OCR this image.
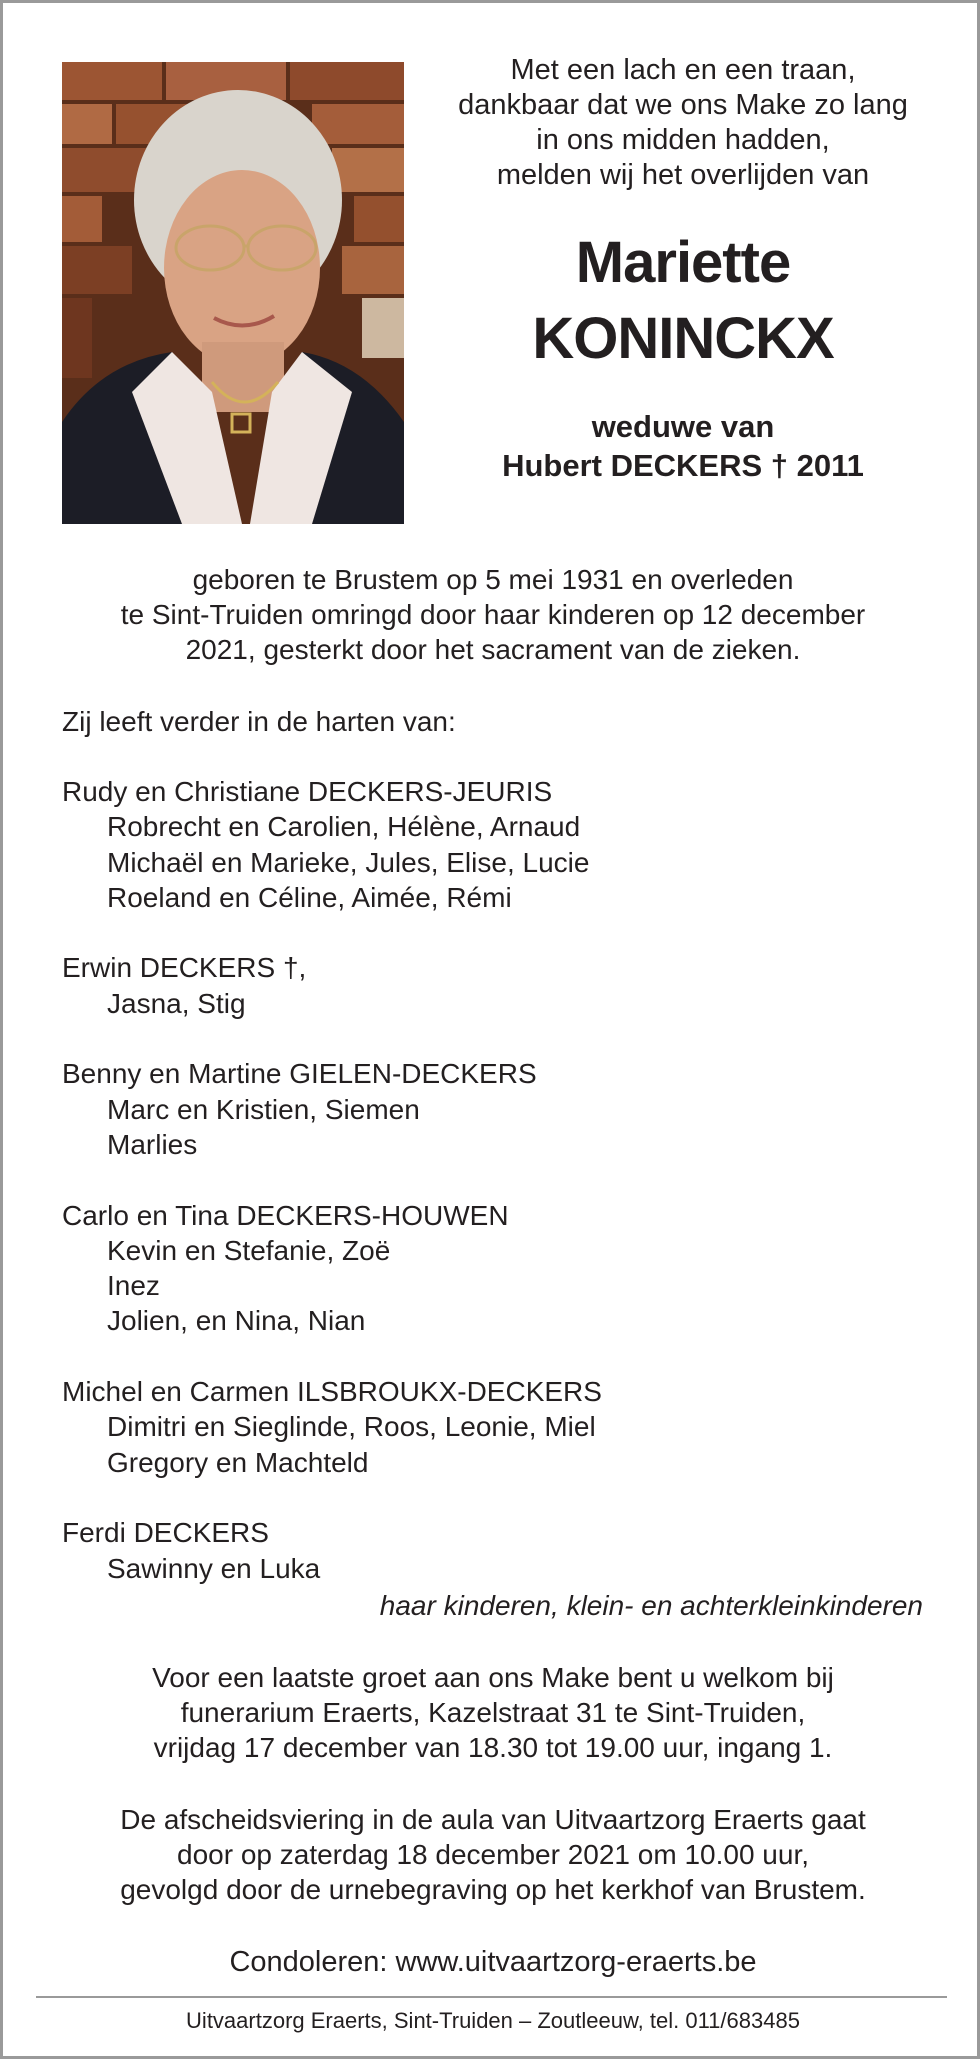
Met een lach en een traan,
dankbaar dat we ons Make zo lang
in ons midden hadden,
melden wij het overlijden van
Mariette
KONINCKX
weduwe van
Hubert DECKERS † 2011
geboren te Brustem op 5 mei 1931 en overleden
te Sint-Truiden omringd door haar kinderen op 12 december
2021, gesterkt door het sacrament van de zieken.
Zij leeft verder in de harten van:
Rudy en Christiane DECKERS-JEURIS
Robrecht en Carolien, Hélène, Arnaud
Michaël en Marieke, Jules, Elise, Lucie
Roeland en Céline, Aimée, Rémi
Erwin DECKERS †,
Jasna, Stig
Benny en Martine GIELEN-DECKERS
Marc en Kristien, Siemen
Marlies
Carlo en Tina DECKERS-HOUWEN
Kevin en Stefanie, Zoë
Inez
Jolien, en Nina, Nian
Michel en Carmen ILSBROUKX-DECKERS
Dimitri en Sieglinde, Roos, Leonie, Miel
Gregory en Machteld
Ferdi DECKERS
Sawinny en Luka
haar kinderen, klein- en achterkleinkinderen
Voor een laatste groet aan ons Make bent u welkom bij
funerarium Eraerts, Kazelstraat 31 te Sint-Truiden,
vrijdag 17 december van 18.30 tot 19.00 uur, ingang 1.
De afscheidsviering in de aula van Uitvaartzorg Eraerts gaat
door op zaterdag 18 december 2021 om 10.00 uur,
gevolgd door de urnebegraving op het kerkhof van Brustem.
Condoleren: www.uitvaartzorg-eraerts.be
Uitvaartzorg Eraerts, Sint-Truiden – Zoutleeuw, tel. 011/683485
